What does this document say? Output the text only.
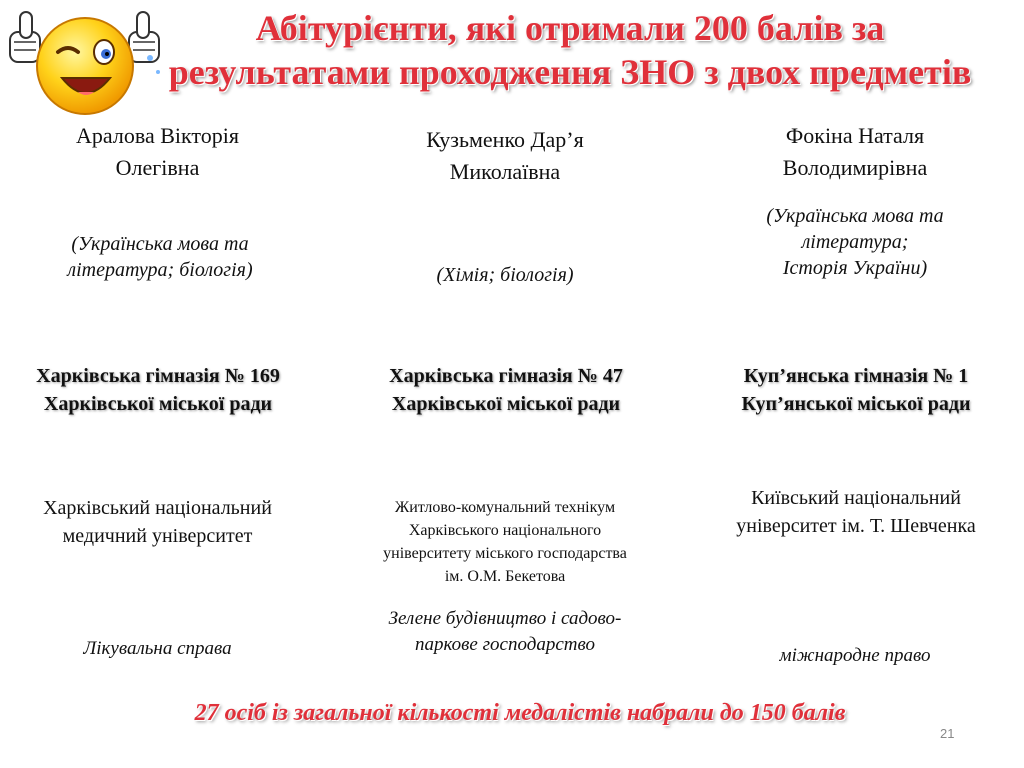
Абітурієнти, які отримали 200 балів за
результатами проходження ЗНО з двох предметів
Аралова Вікторія
Олегівна
(Українська мова та
література; біологія)
Харківська гімназія № 169
Харківської міської ради
Харківський національний
медичний університет
Лікувальна справа
Кузьменко Дар’я
Миколаївна
(Хімія; біологія)
Харківська гімназія № 47
Харківської міської ради
Житлово-комунальний технікум
Харківського національного
університету міського господарства
ім. О.М. Бекетова
Зелене будівництво і садово-
паркове господарство
Фокіна Наталя
Володимирівна
(Українська мова та
література;
Історія України)
Куп’янська гімназія № 1
Куп’янської міської ради
Київський національний
університет ім. Т. Шевченка
міжнародне право
27 осіб із загальної кількості медалістів набрали до 150 балів
21
